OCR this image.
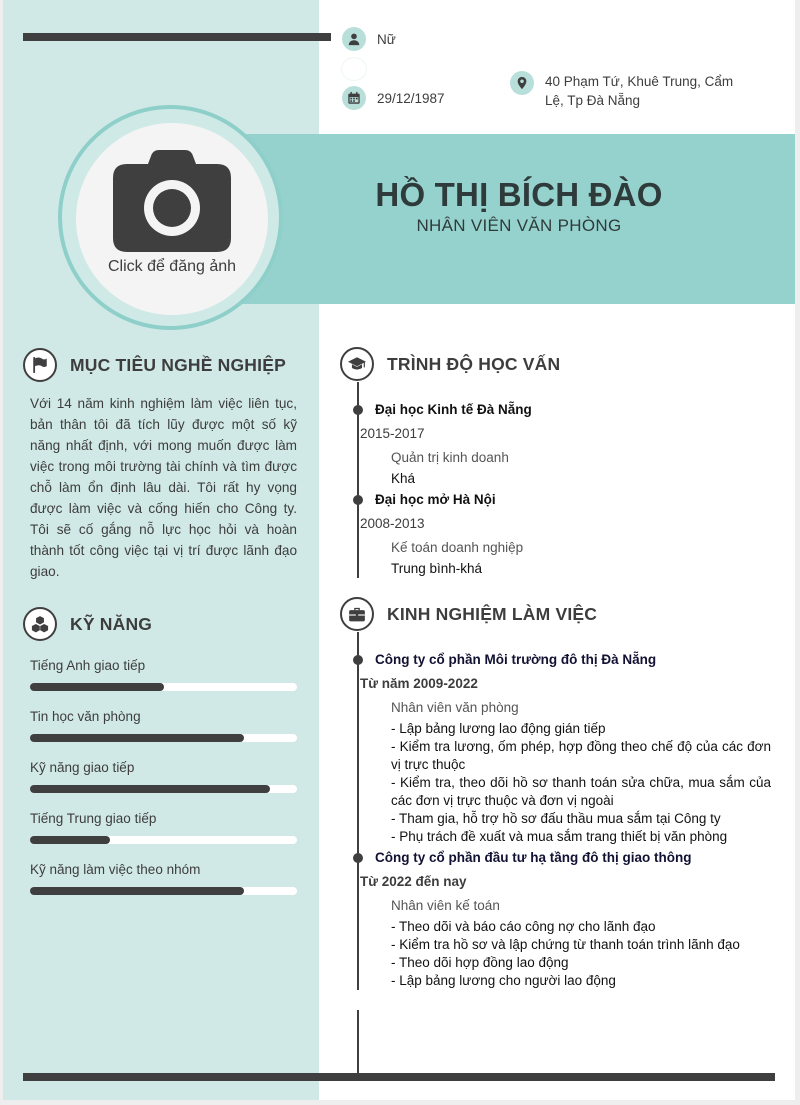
Nữ
29/12/1987
40 Phạm Tứ, Khuê Trung, Cẩm Lệ, Tp Đà Nẵng
HỒ THỊ BÍCH ĐÀO
NHÂN VIÊN VĂN PHÒNG
Click để đăng ảnh
MỤC TIÊU NGHỀ NGHIỆP
Với 14 năm kinh nghiệm làm việc liên tục, bản thân tôi đã tích lũy được một số kỹ năng nhất định, với mong muốn được làm việc trong môi trường tài chính và tìm được chỗ làm ổn định lâu dài. Tôi rất hy vọng được làm việc và cống hiến cho Công ty. Tôi sẽ cố gắng nỗ lực học hỏi và hoàn thành tốt công việc tại vị trí được lãnh đạo giao.
KỸ NĂNG
Tiếng Anh giao tiếp
Tin học văn phòng
Kỹ năng giao tiếp
Tiếng Trung giao tiếp
Kỹ năng làm việc theo nhóm
TRÌNH ĐỘ HỌC VẤN
Đại học Kinh tế Đà Nẵng
2015-2017
Quản trị kinh doanh
Khá
Đại học mở Hà Nội
2008-2013
Kế toán doanh nghiệp
Trung bình-khá
KINH NGHIỆM LÀM VIỆC
Công ty cổ phần Môi trường đô thị Đà Nẵng
Từ năm 2009-2022
Nhân viên văn phòng
- Lập bảng lương lao động gián tiếp
- Kiểm tra lương, ốm phép, hợp đồng theo chế độ của các đơn vị trực thuộc
- Kiểm tra, theo dõi hồ sơ thanh toán sửa chữa, mua sắm của các đơn vị trực thuộc và đơn vị ngoài
- Tham gia, hỗ trợ hồ sơ đấu thầu mua sắm tại Công ty
- Phụ trách đề xuất và mua sắm trang thiết bị văn phòng
Công ty cổ phần đầu tư hạ tầng đô thị giao thông
Từ 2022 đến nay
Nhân viên kế toán
- Theo dõi và báo cáo công nợ cho lãnh đạo
- Kiểm tra hồ sơ và lập chứng từ thanh toán trình lãnh đạo
- Theo dõi hợp đồng lao động
- Lập bảng lương cho người lao động
